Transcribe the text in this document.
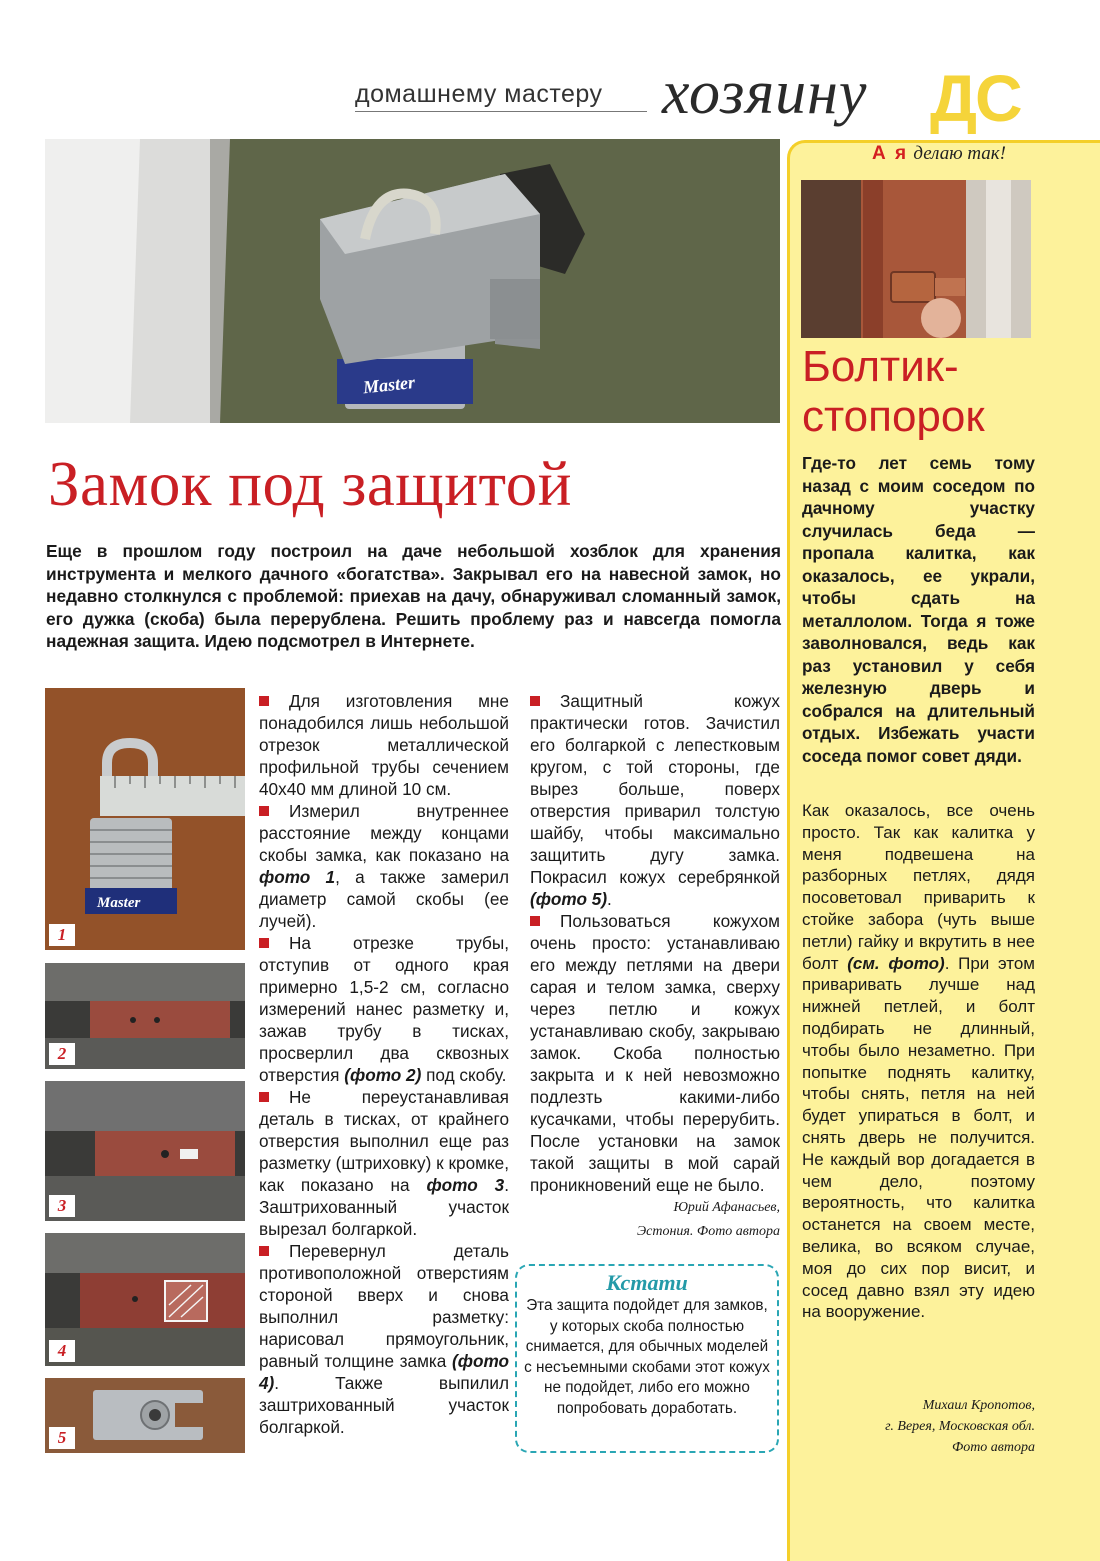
домашнему мастеру хозяину ДС
А я делаю так!
Болтик-
стопорок
Где-то лет семь тому назад с моим соседом по дачному участку случилась беда — пропала калитка, как оказалось, ее украли, чтобы сдать на металлолом. Тогда я тоже заволновался, ведь как раз установил у себя железную дверь и собрался на длительный отдых. Избежать участи соседа помог совет дяди.
Как оказалось, все очень просто. Так как калитка у меня подвешена на разборных петлях, дядя посоветовал приварить к стойке забора (чуть выше петли) гайку и вкрутить в нее болт (см. фото). При этом приваривать лучше над нижней петлей, и болт подбирать не длинный, чтобы было незаметно. При попытке поднять калитку, чтобы снять, петля на ней будет упираться в болт, и снять дверь не получится. Не каждый вор догадается в чем дело, поэтому вероятность, что калитка останется на своем месте, велика, во всяком случае, моя до сих пор висит, и сосед давно взял эту идею на вооружение.
Михаил Кропотов,
г. Верея, Московская обл.
Фото автора
Master
Замок под защитой
Еще в прошлом году построил на даче небольшой хозблок для хранения инструмента и мелкого дачного «богатства». Закрывал его на навесной замок, но недавно столкнулся с проблемой: приехав на дачу, обнаруживал сломанный замок, его дужка (скоба) была перерублена. Решить проблему раз и навсегда помогла надежная защита. Идею подсмотрел в Интернете.
Master
1
2
3
4
5

Для изготовления мне понадобился лишь небольшой отрезок металлической профильной трубы сечением 40х40 мм длиной 10 см.

Измерил внутреннее расстояние между концами скобы замка, как показано на фото 1, а также замерил диаметр самой скобы (ее лучей).

На отрезке трубы, отступив от одного края примерно 1,5-2 см, согласно измерений нанес разметку и, зажав трубу в тисках, просверлил два сквозных отверстия (фото 2) под скобу.

Не переустанавливая деталь в тисках, от крайнего отверстия выполнил еще раз разметку (штриховку) к кромке, как показано на фото 3. Заштрихованный участок вырезал болгаркой.

Перевернул деталь противоположной отверстиям стороной вверх и снова выполнил разметку: нарисовал прямоугольник, равный толщине замка (фото 4). Также выпилил заштрихованный участок болгаркой.

Защитный кожух практически готов. Зачистил его болгаркой с лепестковым кругом, с той стороны, где вырез больше, поверх отверстия приварил толстую шайбу, чтобы максимально защитить дугу замка. Покрасил кожух серебрянкой (фото 5).

Пользоваться кожухом очень просто: устанавливаю его между петлями на двери сарая и телом замка, сверху через петлю и кожух устанавливаю скобу, закрываю замок. Скоба полностью закрыта и к ней невозможно подлезть какими-либо кусачками, чтобы перерубить. После установки на замок такой защиты в мой сарай проникновений еще не было.

Юрий Афанасьев,
Эстония. Фото автора
Кстати
Эта защита подойдет для замков, у которых скоба полностью снимается, для обычных моделей с несъемными скобами этот кожух не подойдет, либо его можно попробовать доработать.
